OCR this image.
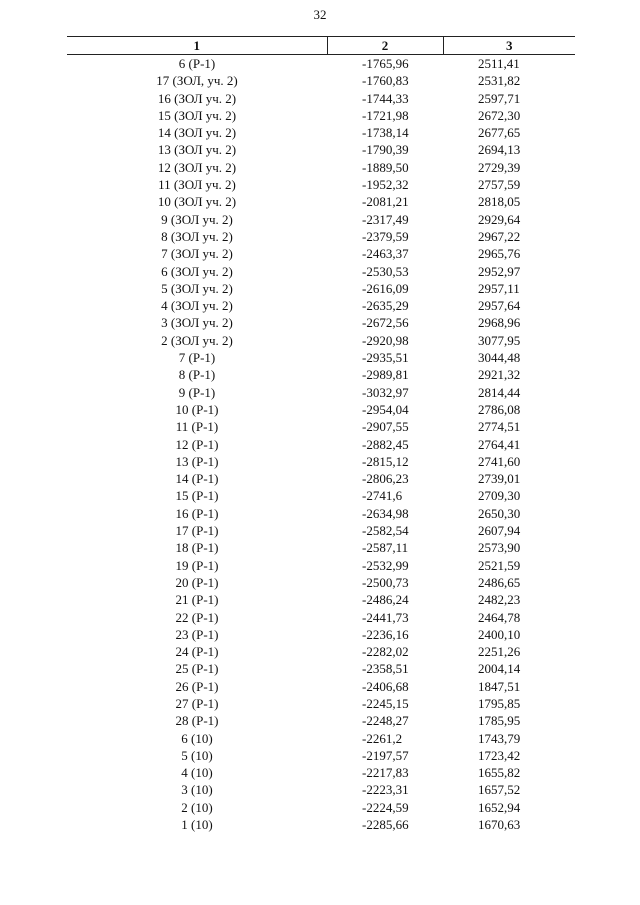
32
1	2	3
6 (Р-1)	-1765,96	2511,41
17 (ЗОЛ, уч. 2)	-1760,83	2531,82
16 (ЗОЛ уч. 2)	-1744,33	2597,71
15 (ЗОЛ уч. 2)	-1721,98	2672,30
14 (ЗОЛ уч. 2)	-1738,14	2677,65
13 (ЗОЛ уч. 2)	-1790,39	2694,13
12 (ЗОЛ уч. 2)	-1889,50	2729,39
11 (ЗОЛ уч. 2)	-1952,32	2757,59
10 (ЗОЛ уч. 2)	-2081,21	2818,05
9 (ЗОЛ уч. 2)	-2317,49	2929,64
8 (ЗОЛ уч. 2)	-2379,59	2967,22
7 (ЗОЛ уч. 2)	-2463,37	2965,76
6 (ЗОЛ уч. 2)	-2530,53	2952,97
5 (ЗОЛ уч. 2)	-2616,09	2957,11
4 (ЗОЛ уч. 2)	-2635,29	2957,64
3 (ЗОЛ уч. 2)	-2672,56	2968,96
2 (ЗОЛ уч. 2)	-2920,98	3077,95
7 (Р-1)	-2935,51	3044,48
8 (Р-1)	-2989,81	2921,32
9 (Р-1)	-3032,97	2814,44
10 (Р-1)	-2954,04	2786,08
11 (Р-1)	-2907,55	2774,51
12 (Р-1)	-2882,45	2764,41
13 (Р-1)	-2815,12	2741,60
14 (Р-1)	-2806,23	2739,01
15 (Р-1)	-2741,6	2709,30
16 (Р-1)	-2634,98	2650,30
17 (Р-1)	-2582,54	2607,94
18 (Р-1)	-2587,11	2573,90
19 (Р-1)	-2532,99	2521,59
20 (Р-1)	-2500,73	2486,65
21 (Р-1)	-2486,24	2482,23
22 (Р-1)	-2441,73	2464,78
23 (Р-1)	-2236,16	2400,10
24 (Р-1)	-2282,02	2251,26
25 (Р-1)	-2358,51	2004,14
26 (Р-1)	-2406,68	1847,51
27 (Р-1)	-2245,15	1795,85
28 (Р-1)	-2248,27	1785,95
6 (10)	-2261,2	1743,79
5 (10)	-2197,57	1723,42
4 (10)	-2217,83	1655,82
3 (10)	-2223,31	1657,52
2 (10)	-2224,59	1652,94
1 (10)	-2285,66	1670,63
